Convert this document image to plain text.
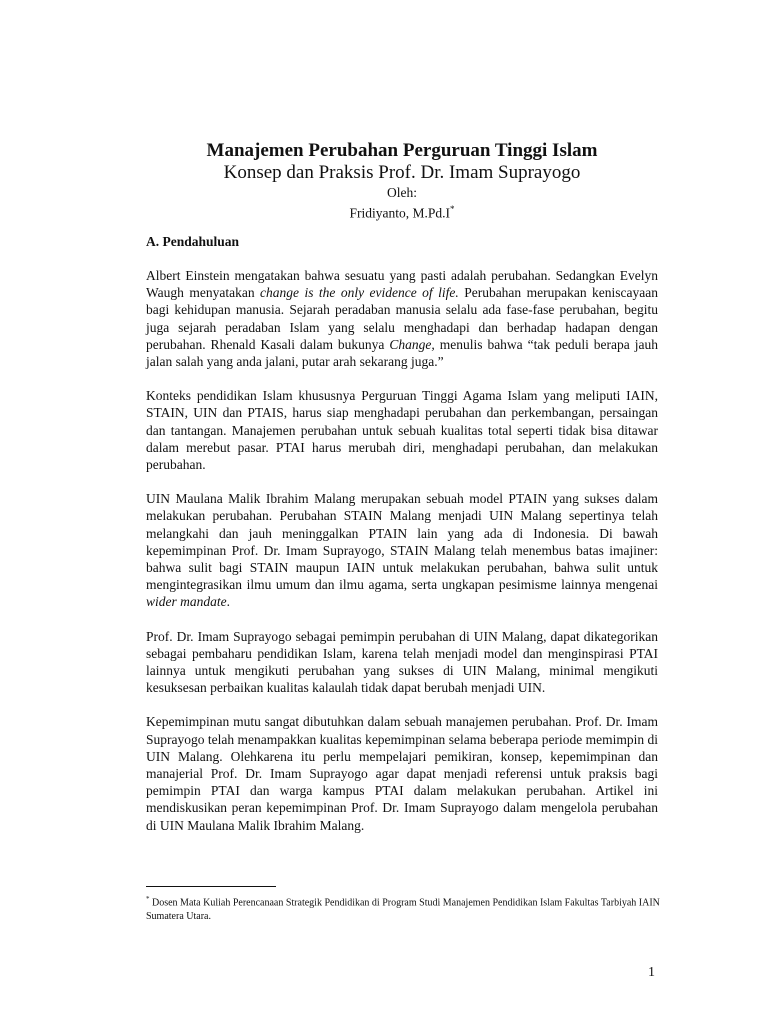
Manajemen Perubahan Perguruan Tinggi Islam
Konsep dan Praksis Prof. Dr. Imam Suprayogo
Oleh:
Fridiyanto, M.Pd.I*
A. Pendahuluan

Albert Einstein mengatakan bahwa sesuatu yang pasti adalah perubahan. Sedangkan Evelyn Waugh menyatakan change is the only evidence of life. Perubahan merupakan keniscayaan bagi kehidupan manusia. Sejarah peradaban manusia selalu ada fase-fase perubahan, begitu juga sejarah peradaban Islam yang selalu menghadapi dan berhadap hadapan dengan perubahan. Rhenald Kasali dalam bukunya Change, menulis bahwa “tak peduli berapa jauh jalan salah yang anda jalani, putar arah sekarang juga.”

Konteks pendidikan Islam khususnya Perguruan Tinggi Agama Islam yang meliputi IAIN, STAIN, UIN dan PTAIS, harus siap menghadapi perubahan dan perkembangan, persaingan dan tantangan. Manajemen perubahan untuk sebuah kualitas total seperti tidak bisa ditawar dalam merebut pasar. PTAI harus merubah diri, menghadapi perubahan, dan melakukan perubahan.

UIN Maulana Malik Ibrahim Malang merupakan sebuah model PTAIN yang sukses dalam melakukan perubahan. Perubahan STAIN Malang menjadi UIN Malang sepertinya telah melangkahi dan jauh meninggalkan PTAIN lain yang ada di Indonesia. Di bawah kepemimpinan Prof. Dr. Imam Suprayogo, STAIN Malang telah menembus batas imajiner: bahwa sulit bagi STAIN maupun IAIN untuk melakukan perubahan, bahwa sulit untuk mengintegrasikan ilmu umum dan ilmu agama, serta ungkapan pesimisme lainnya mengenai wider mandate.

Prof. Dr. Imam Suprayogo sebagai pemimpin perubahan di UIN Malang, dapat dikategorikan sebagai pembaharu pendidikan Islam, karena telah menjadi model dan menginspirasi PTAI lainnya untuk mengikuti perubahan yang sukses di UIN Malang, minimal mengikuti kesuksesan perbaikan kualitas kalaulah tidak dapat berubah menjadi UIN.

Kepemimpinan mutu sangat dibutuhkan dalam sebuah manajemen perubahan. Prof. Dr. Imam Suprayogo telah menampakkan kualitas kepemimpinan selama beberapa periode memimpin di UIN Malang. Olehkarena itu perlu mempelajari pemikiran, konsep, kepemimpinan dan manajerial Prof. Dr. Imam Suprayogo agar dapat menjadi referensi untuk praksis bagi pemimpin PTAI dan warga kampus PTAI dalam melakukan perubahan. Artikel ini mendiskusikan peran kepemimpinan Prof. Dr. Imam Suprayogo dalam mengelola perubahan di UIN Maulana Malik Ibrahim Malang.

* Dosen Mata Kuliah Perencanaan Strategik Pendidikan di Program Studi Manajemen Pendidikan Islam Fakultas Tarbiyah IAIN Sumatera Utara.
1
